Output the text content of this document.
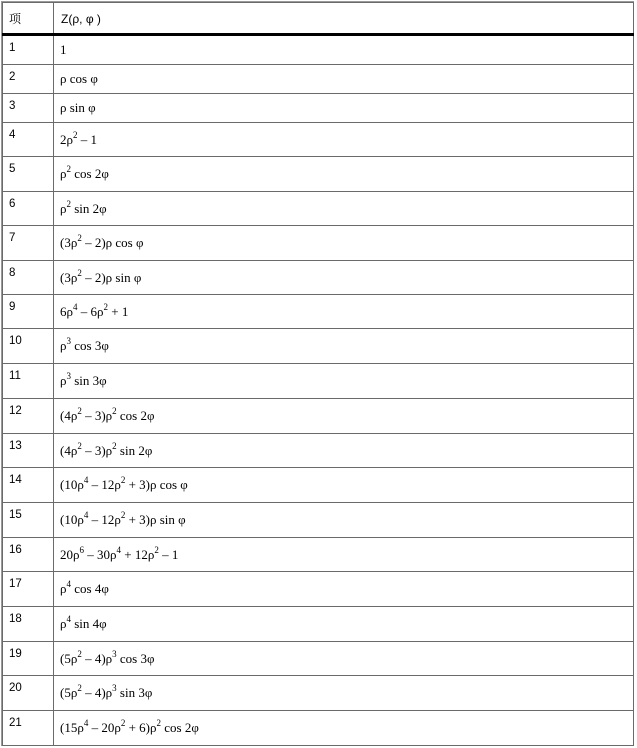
项	Z(ρ, φ )

1	1
2	ρ cos φ
3	ρ sin φ
4	$2\rho^2 - 1$
5	$\rho^2$ cos 2φ
6	$\rho^2$ sin 2φ
7	$(3\rho^2 - 2)\rho$ cos φ
8	$(3\rho^2 - 2)\rho$ sin φ
9	$6\rho^4 - 6\rho^2 + 1$
10	$\rho^3$ cos 3φ
11	$\rho^3$ sin 3φ
12	$(4\rho^2 - 3)\rho^2$ cos 2φ
13	$(4\rho^2 - 3)\rho^2$ sin 2φ
14	$(10\rho^4 - 12\rho^2 + 3)\rho$ cos φ
15	$(10\rho^4 - 12\rho^2 + 3)\rho$ sin φ
16	$20\rho^6 - 30\rho^4 + 12\rho^2 - 1$
17	$\rho^4$ cos 4φ
18	$\rho^4$ sin 4φ
19	$(5\rho^2 - 4)\rho^3$ cos 3φ
20	$(5\rho^2 - 4)\rho^3$ sin 3φ
21	$(15\rho^4 - 20\rho^2 + 6)\rho^2$ cos 2φ
